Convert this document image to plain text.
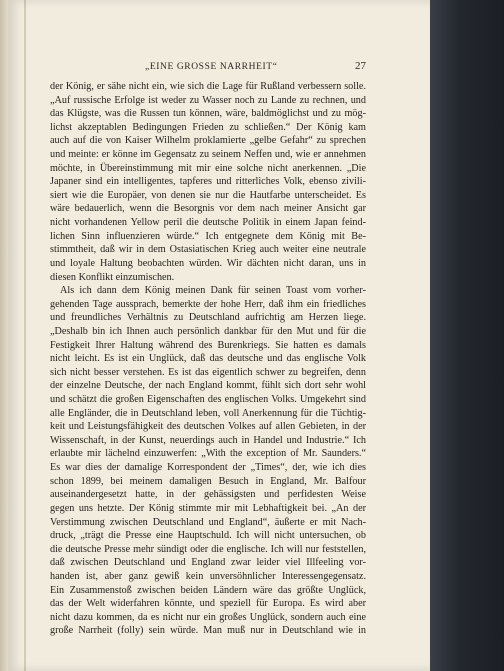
„EINE GROSSE NARRHEIT“	27
der König, er sähe nicht ein, wie sich die Lage für Rußland verbessern solle.
„Auf russische Erfolge ist weder zu Wasser noch zu Lande zu rechnen, und
das Klügste, was die Russen tun können, wäre, baldmöglichst und zu mög-
lichst akzeptablen Bedingungen Frieden zu schließen.“ Der König kam
auch auf die von Kaiser Wilhelm proklamierte „gelbe Gefahr“ zu sprechen
und meinte: er könne im Gegensatz zu seinem Neffen und, wie er annehmen
möchte, in Übereinstimmung mit mir eine solche nicht anerkennen. „Die
Japaner sind ein intelligentes, tapferes und ritterliches Volk, ebenso zivili-
siert wie die Europäer, von denen sie nur die Hautfarbe unterscheidet. Es
wäre bedauerlich, wenn die Besorgnis vor dem nach meiner Ansicht gar
nicht vorhandenen Yellow peril die deutsche Politik in einem Japan feind-
lichen Sinn influenzieren würde.“ Ich entgegnete dem König mit Be-
stimmtheit, daß wir in dem Ostasiatischen Krieg auch weiter eine neutrale
und loyale Haltung beobachten würden. Wir dächten nicht daran, uns in
diesen Konflikt einzumischen.
Als ich dann dem König meinen Dank für seinen Toast vom vorher-
gehenden Tage aussprach, bemerkte der hohe Herr, daß ihm ein friedliches
und freundliches Verhältnis zu Deutschland aufrichtig am Herzen liege.
„Deshalb bin ich Ihnen auch persönlich dankbar für den Mut und für die
Festigkeit Ihrer Haltung während des Burenkriegs. Sie hatten es damals
nicht leicht. Es ist ein Unglück, daß das deutsche und das englische Volk
sich nicht besser verstehen. Es ist das eigentlich schwer zu begreifen, denn
der einzelne Deutsche, der nach England kommt, fühlt sich dort sehr wohl
und schätzt die großen Eigenschaften des englischen Volks. Umgekehrt sind
alle Engländer, die in Deutschland leben, voll Anerkennung für die Tüchtig-
keit und Leistungsfähigkeit des deutschen Volkes auf allen Gebieten, in der
Wissenschaft, in der Kunst, neuerdings auch in Handel und Industrie.“ Ich
erlaubte mir lächelnd einzuwerfen: „With the exception of Mr. Saunders.“
Es war dies der damalige Korrespondent der „Times“, der, wie ich dies
schon 1899, bei meinem damaligen Besuch in England, Mr. Balfour
auseinandergesetzt hatte, in der gehässigsten und perfidesten Weise
gegen uns hetzte. Der König stimmte mir mit Lebhaftigkeit bei. „An der
Verstimmung zwischen Deutschland und England“, äußerte er mit Nach-
druck, „trägt die Presse eine Hauptschuld. Ich will nicht untersuchen, ob
die deutsche Presse mehr sündigt oder die englische. Ich will nur feststellen,
daß zwischen Deutschland und England zwar leider viel Illfeeling vor-
handen ist, aber ganz gewiß kein unversöhnlicher Interessengegensatz.
Ein Zusammenstoß zwischen beiden Ländern wäre das größte Unglück,
das der Welt widerfahren könnte, und speziell für Europa. Es wird aber
nicht dazu kommen, da es nicht nur ein großes Unglück, sondern auch eine
große Narrheit (folly) sein würde. Man muß nur in Deutschland wie in
